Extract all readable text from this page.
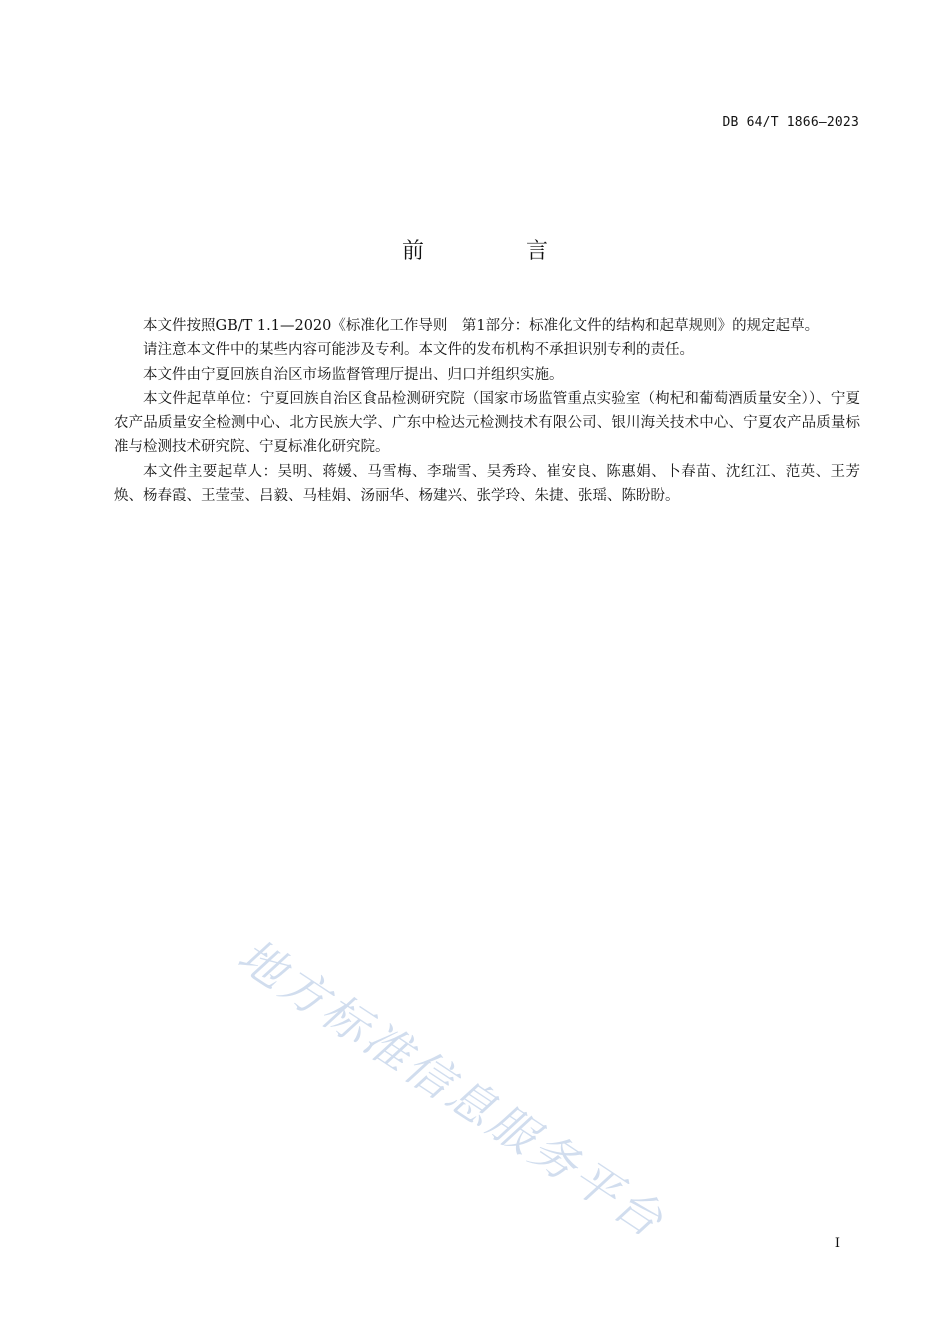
DB 64/T 1866—2023
前　言

本文件按照GB/T 1.1—2020《标准化工作导则　第1部分：标准化文件的结构和起草规则》的规定起草。

请注意本文件中的某些内容可能涉及专利。本文件的发布机构不承担识别专利的责任。

本文件由宁夏回族自治区市场监督管理厅提出、归口并组织实施。

本文件起草单位：宁夏回族自治区食品检测研究院（国家市场监管重点实验室（枸杞和葡萄酒质量安全））、宁夏农产品质量安全检测中心、北方民族大学、广东中检达元检测技术有限公司、银川海关技术中心、宁夏农产品质量标准与检测技术研究院、宁夏标准化研究院。

本文件主要起草人：吴明、蒋媛、马雪梅、李瑞雪、吴秀玲、崔安良、陈惠娟、卜春苗、沈红江、范英、王芳焕、杨春霞、王莹莹、吕毅、马桂娟、汤丽华、杨建兴、张学玲、朱捷、张瑶、陈盼盼。

地方标准信息服务平台	I
